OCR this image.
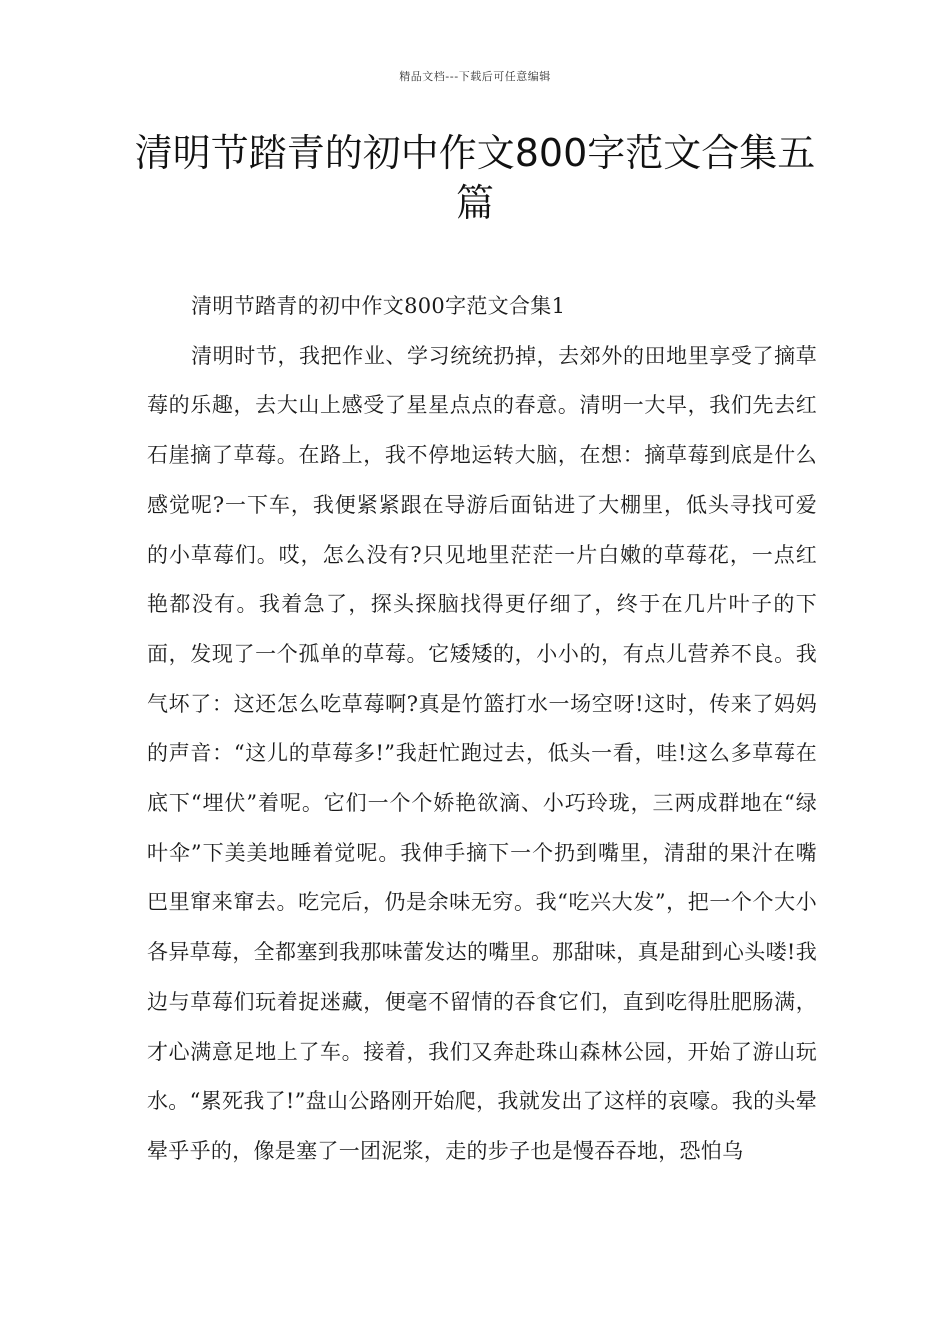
精品文档---下载后可任意编辑
清明节踏青的初中作文800字范文合集五篇

清明节踏青的初中作文800字范文合集1

清明时节，我把作业、学习统统扔掉，去郊外的田地里享受了摘草莓的乐趣，去大山上感受了星星点点的春意。清明一大早，我们先去红石崖摘了草莓。在路上，我不停地运转大脑，在想：摘草莓到底是什么感觉呢?一下车，我便紧紧跟在导游后面钻进了大棚里，低头寻找可爱的小草莓们。哎，怎么没有?只见地里茫茫一片白嫩的草莓花，一点红艳都没有。我着急了，探头探脑找得更仔细了，终于在几片叶子的下面，发现了一个孤单的草莓。它矮矮的，小小的，有点儿营养不良。我气坏了：这还怎么吃草莓啊?真是竹篮打水一场空呀!这时，传来了妈妈的声音：“这儿的草莓多!”我赶忙跑过去，低头一看，哇!这么多草莓在底下“埋伏”着呢。它们一个个娇艳欲滴、小巧玲珑，三两成群地在“绿叶伞”下美美地睡着觉呢。我伸手摘下一个扔到嘴里，清甜的果汁在嘴巴里窜来窜去。吃完后，仍是余味无穷。我“吃兴大发”，把一个个大小各异草莓，全都塞到我那味蕾发达的嘴里。那甜味，真是甜到心头喽!我边与草莓们玩着捉迷藏，便毫不留情的吞食它们，直到吃得肚肥肠满，才心满意足地上了车。接着，我们又奔赴珠山森林公园，开始了游山玩水。“累死我了!”盘山公路刚开始爬，我就发出了这样的哀嚎。我的头晕晕乎乎的，像是塞了一团泥浆，走的步子也是慢吞吞地，恐怕乌
